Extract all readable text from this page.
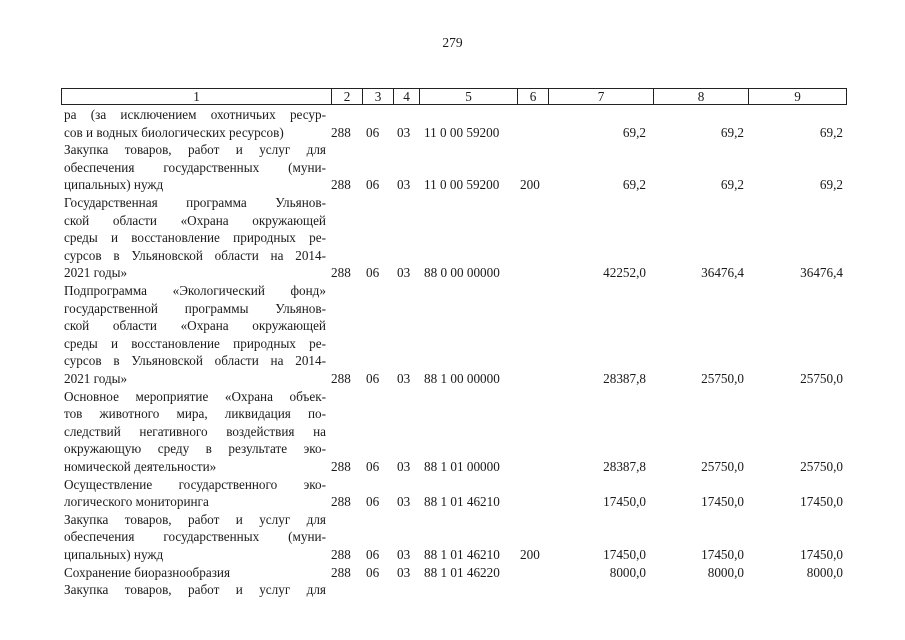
279
1	2	3	4	5	6	7	8	9
ра (за исключением охотничьих ресур-
сов и водных биологических ресурсов)	288 06 03 11 0 00 59200	69,2	69,2	69,2
Закупка товаров, работ и услуг для
обеспечения государственных (муни-
ципальных) нужд	288 06 03 11 0 00 59200 200	69,2	69,2	69,2
Государственная программа Ульянов-
ской области «Охрана окружающей
среды и восстановление природных ре-
сурсов в Ульяновской области на 2014-
2021 годы»	288 06 03 88 0 00 00000	42252,0	36476,4	36476,4
Подпрограмма «Экологический фонд»
государственной программы Ульянов-
ской области «Охрана окружающей
среды и восстановление природных ре-
сурсов в Ульяновской области на 2014-
2021 годы»	288 06 03 88 1 00 00000	28387,8	25750,0	25750,0
Основное мероприятие «Охрана объек-
тов животного мира, ликвидация по-
следствий негативного воздействия на
окружающую среду в результате эко-
номической деятельности»	288 06 03 88 1 01 00000	28387,8	25750,0	25750,0
Осуществление государственного эко-
логического мониторинга	288 06 03 88 1 01 46210	17450,0	17450,0	17450,0
Закупка товаров, работ и услуг для
обеспечения государственных (муни-
ципальных) нужд	288 06 03 88 1 01 46210 200	17450,0	17450,0	17450,0
Сохранение биоразнообразия	288 06 03 88 1 01 46220	8000,0	8000,0	8000,0
Закупка товаров, работ и услуг для
